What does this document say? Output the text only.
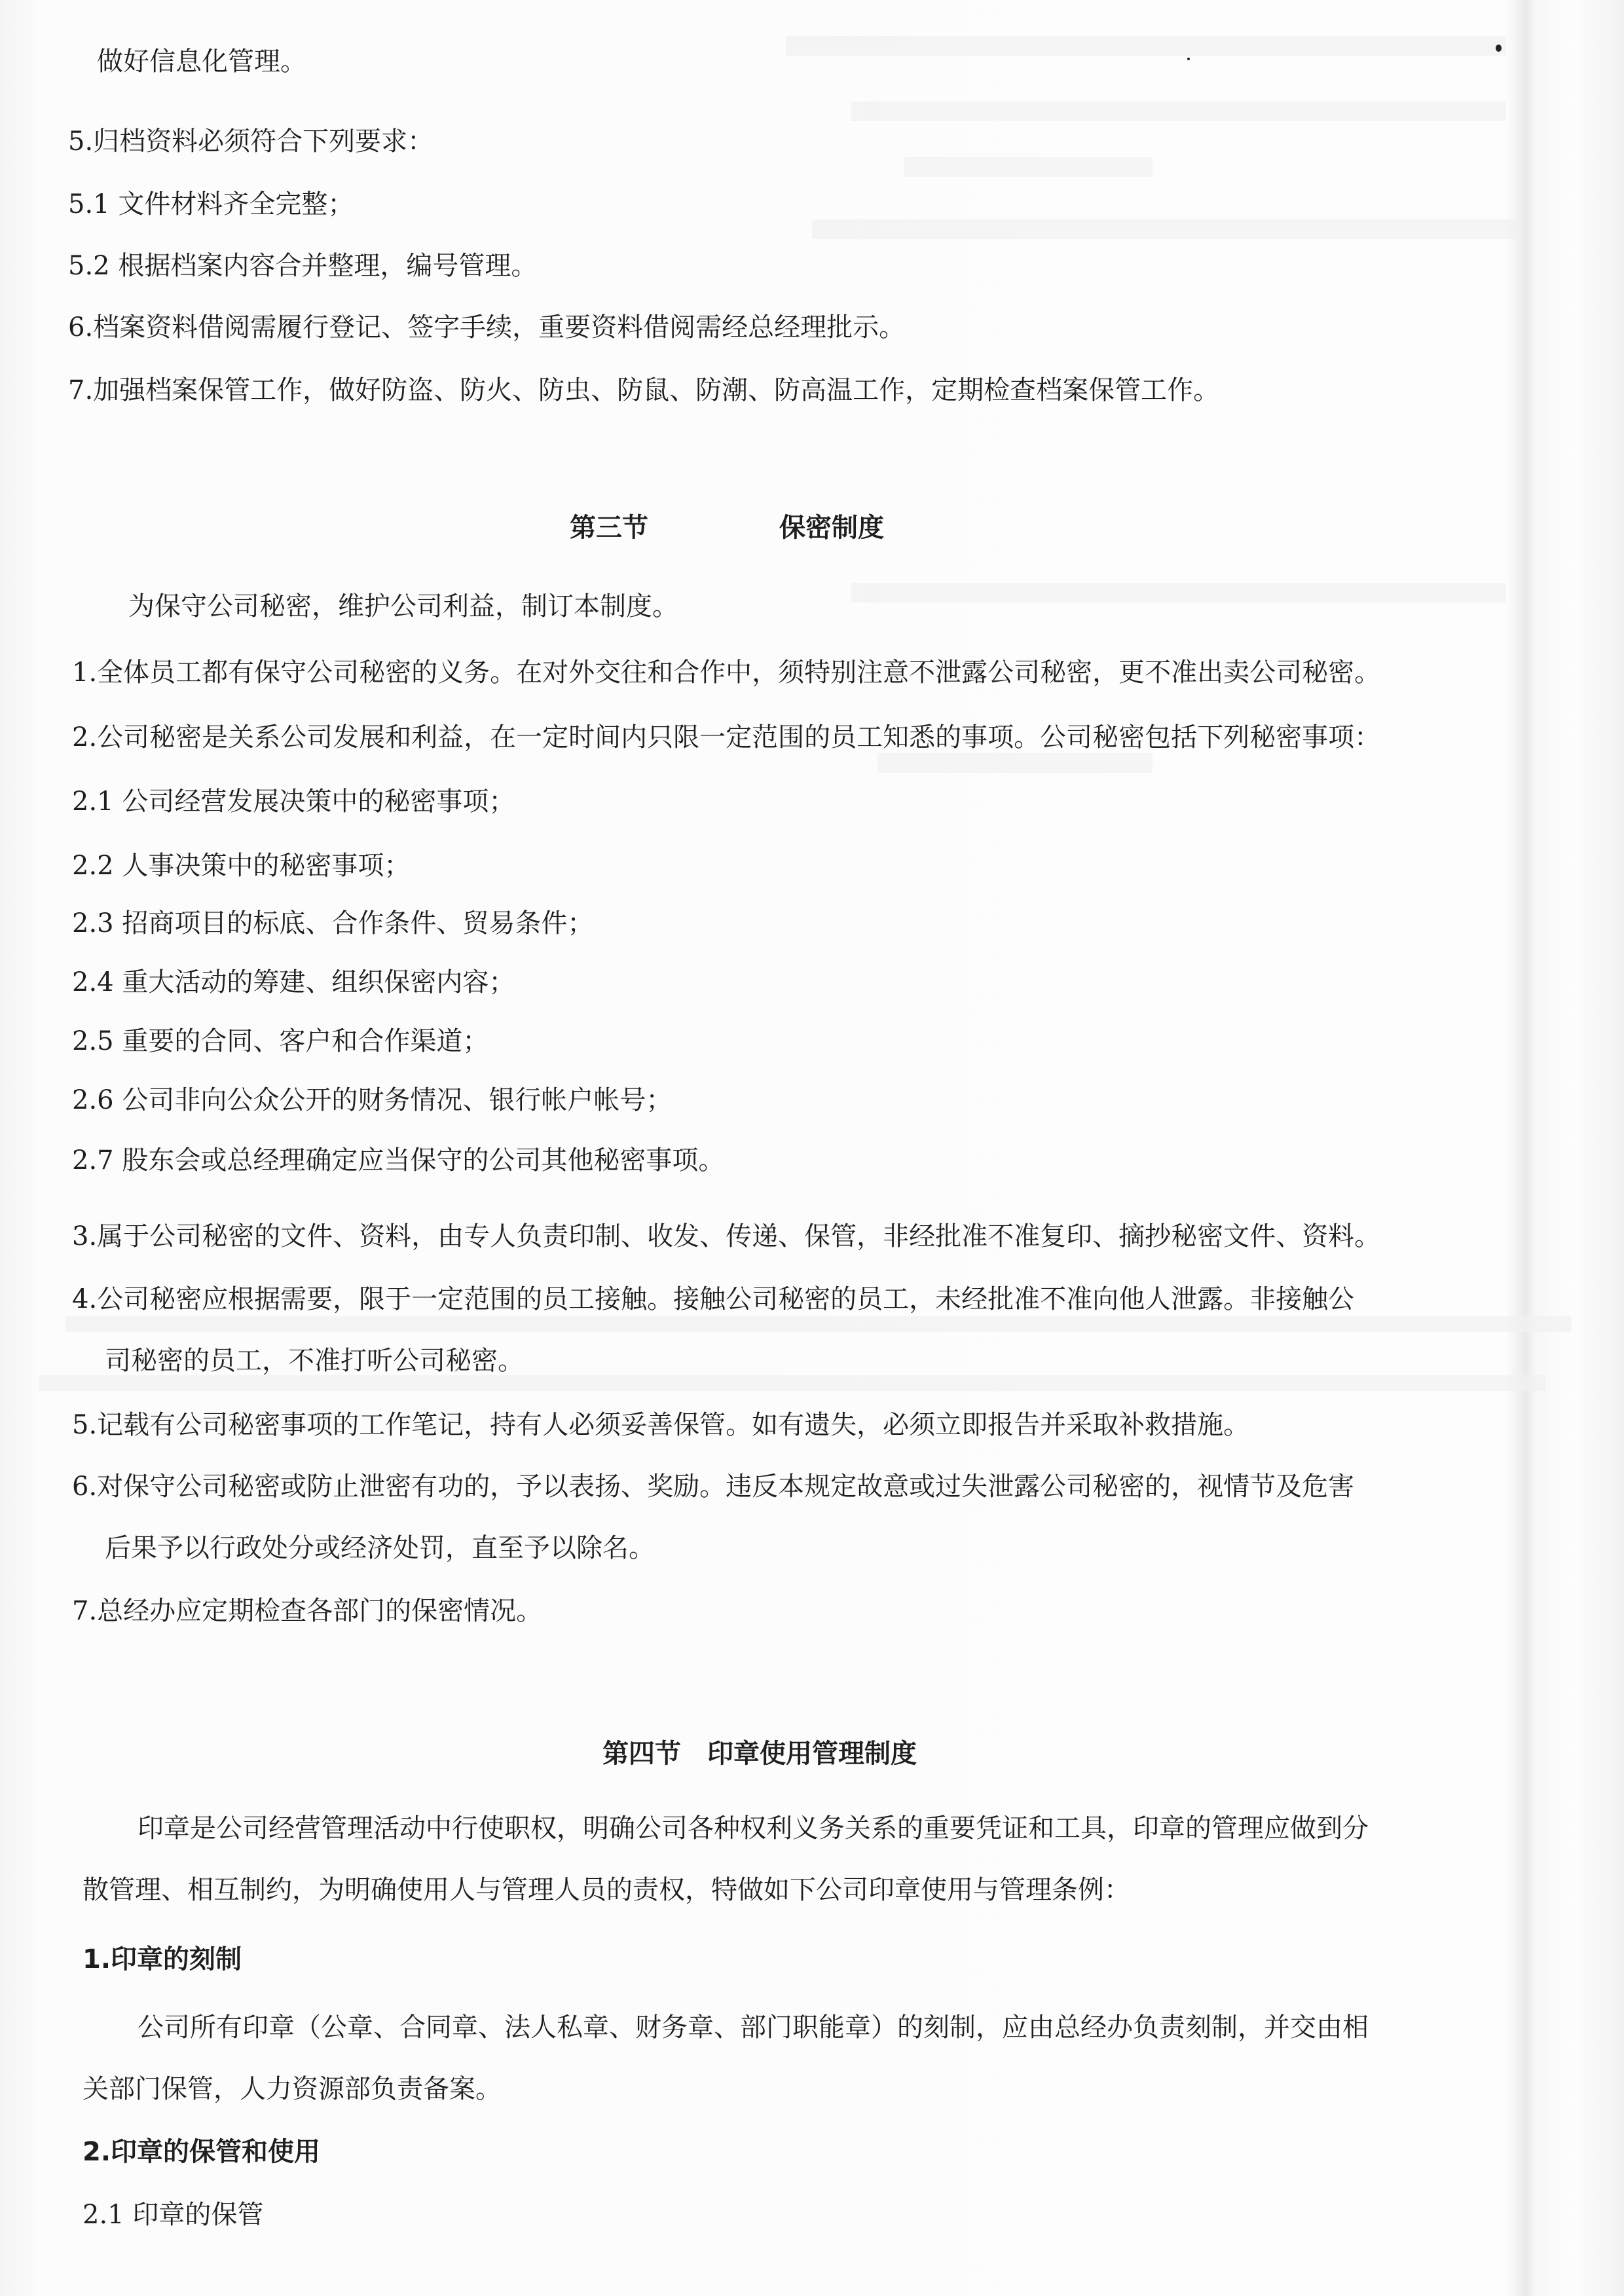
做好信息化管理。
5.归档资料必须符合下列要求：
5.1 文件材料齐全完整；
5.2 根据档案内容合并整理，编号管理。
6.档案资料借阅需履行登记、签字手续，重要资料借阅需经总经理批示。
7.加强档案保管工作，做好防盗、防火、防虫、防鼠、防潮、防高温工作，定期检查档案保管工作。
第三节	保密制度
为保守公司秘密，维护公司利益，制订本制度。
1.全体员工都有保守公司秘密的义务。在对外交往和合作中，须特别注意不泄露公司秘密，更不准出卖公司秘密。
2.公司秘密是关系公司发展和利益，在一定时间内只限一定范围的员工知悉的事项。公司秘密包括下列秘密事项：
2.1 公司经营发展决策中的秘密事项；
2.2 人事决策中的秘密事项；
2.3 招商项目的标底、合作条件、贸易条件；
2.4 重大活动的筹建、组织保密内容；
2.5 重要的合同、客户和合作渠道；
2.6 公司非向公众公开的财务情况、银行帐户帐号；
2.7 股东会或总经理确定应当保守的公司其他秘密事项。
3.属于公司秘密的文件、资料，由专人负责印制、收发、传递、保管，非经批准不准复印、摘抄秘密文件、资料。
4.公司秘密应根据需要，限于一定范围的员工接触。接触公司秘密的员工，未经批准不准向他人泄露。非接触公
司秘密的员工，不准打听公司秘密。
5.记载有公司秘密事项的工作笔记，持有人必须妥善保管。如有遗失，必须立即报告并采取补救措施。
6.对保守公司秘密或防止泄密有功的，予以表扬、奖励。违反本规定故意或过失泄露公司秘密的，视情节及危害
后果予以行政处分或经济处罚，直至予以除名。
7.总经办应定期检查各部门的保密情况。
第四节　印章使用管理制度
印章是公司经营管理活动中行使职权，明确公司各种权利义务关系的重要凭证和工具，印章的管理应做到分
散管理、相互制约，为明确使用人与管理人员的责权，特做如下公司印章使用与管理条例：
1.印章的刻制
公司所有印章（公章、合同章、法人私章、财务章、部门职能章）的刻制，应由总经办负责刻制，并交由相
关部门保管，人力资源部负责备案。
2.印章的保管和使用
2.1 印章的保管
